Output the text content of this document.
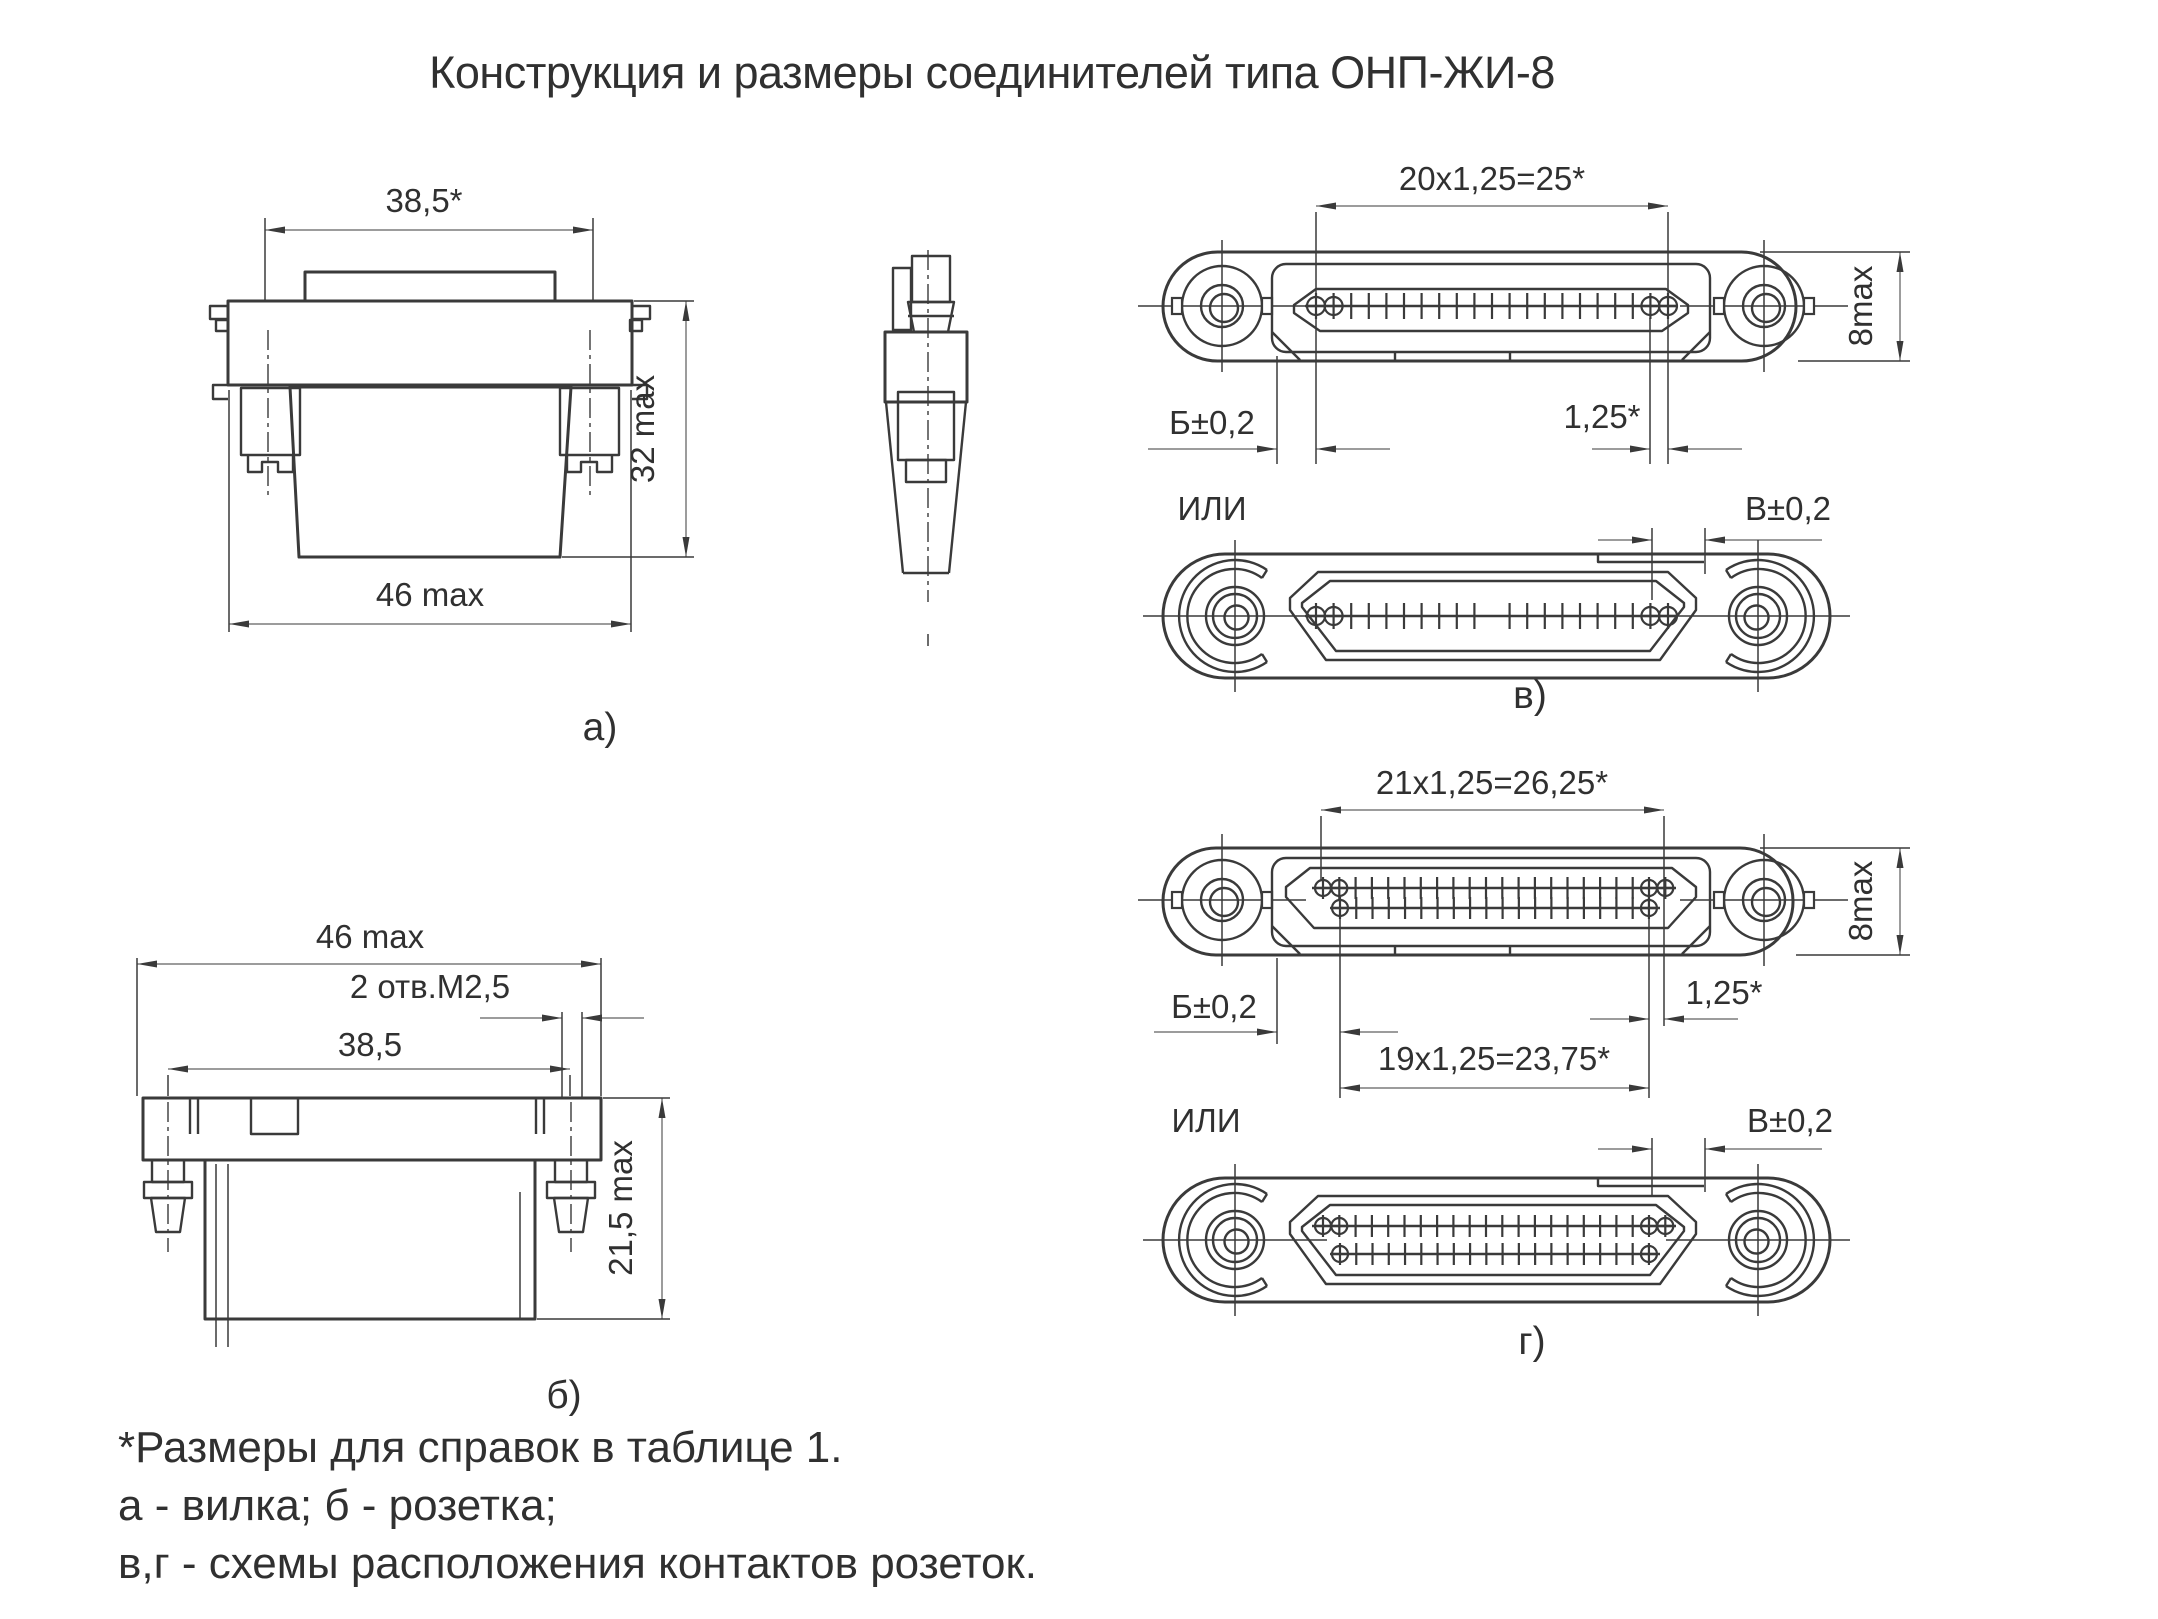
Конструкция и размеры соединителей типа ОНП-ЖИ-8
38,5*
46 max
32 max
а)
20x1,25=25*
Б±0,2	1,25*
8max
ИЛИ	В±0,2
в)
21x1,25=26,25*
8max
Б±0,2	1,25*
19x1,25=23,75*
ИЛИ	В±0,2
г)
46 max
2 отв.М2,5
38,5
21,5 max
б)
*Размеры для справок в таблице 1.
а - вилка; б - розетка;
в,г - схемы расположения контактов розеток.
